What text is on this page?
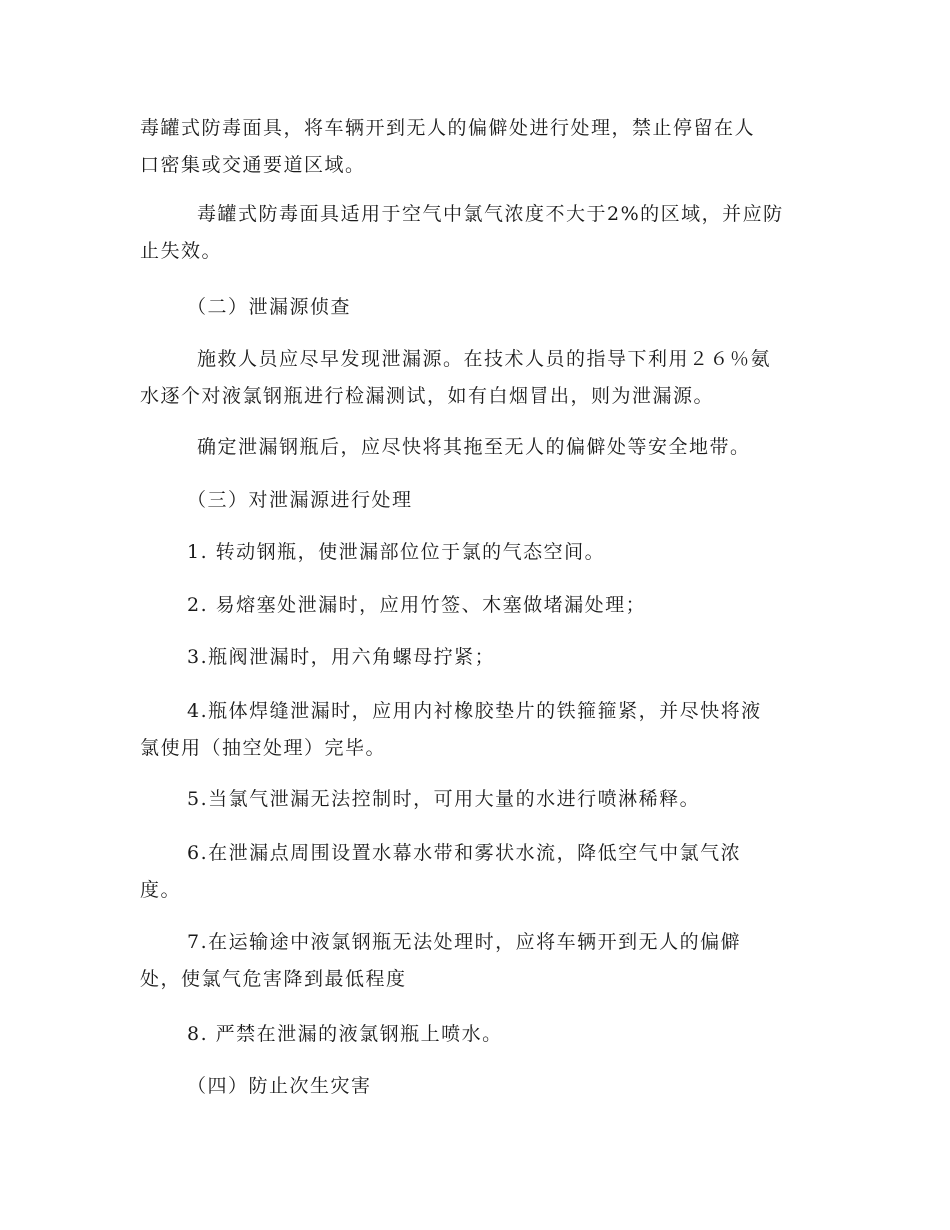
毒罐式防毒面具，将车辆开到无人的偏僻处进行处理，禁止停留在人
口密集或交通要道区域。
毒罐式防毒面具适用于空气中氯气浓度不大于2%的区域，并应防
止失效。
（二）泄漏源侦查
施救人员应尽早发现泄漏源。在技术人员的指导下利用２６％氨
水逐个对液氯钢瓶进行检漏测试，如有白烟冒出，则为泄漏源。
确定泄漏钢瓶后，应尽快将其拖至无人的偏僻处等安全地带。
（三）对泄漏源进行处理
1. 转动钢瓶，使泄漏部位位于氯的气态空间。
2. 易熔塞处泄漏时，应用竹签、木塞做堵漏处理；
3.瓶阀泄漏时，用六角螺母拧紧；
4.瓶体焊缝泄漏时，应用内衬橡胶垫片的铁箍箍紧，并尽快将液
氯使用（抽空处理）完毕。
5.当氯气泄漏无法控制时，可用大量的水进行喷淋稀释。
6.在泄漏点周围设置水幕水带和雾状水流，降低空气中氯气浓
度。
7.在运输途中液氯钢瓶无法处理时，应将车辆开到无人的偏僻
处，使氯气危害降到最低程度
8. 严禁在泄漏的液氯钢瓶上喷水。
（四）防止次生灾害
